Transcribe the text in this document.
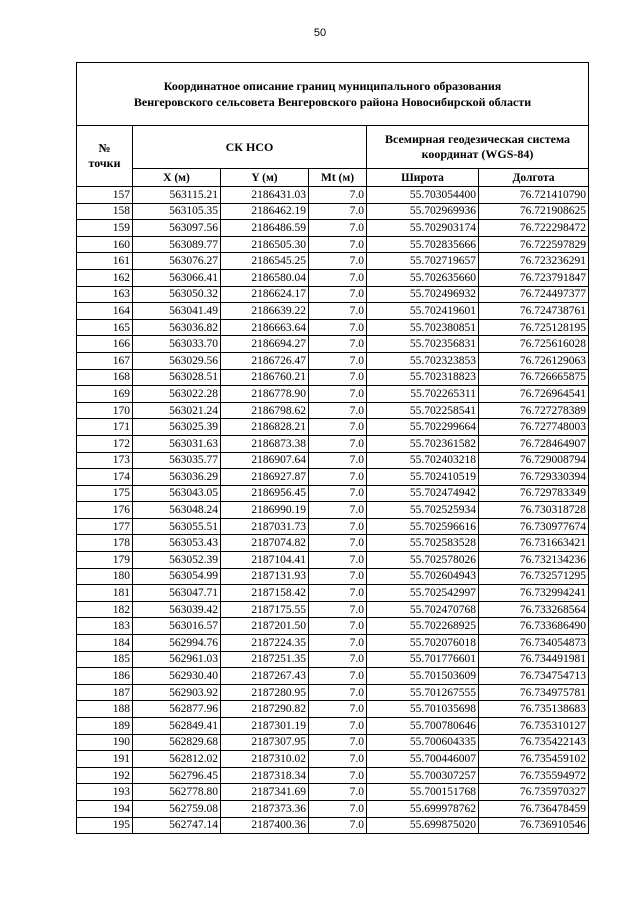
50
Координатное описание границ муниципального образования
Венгеровского сельсовета Венгеровского района Новосибирской области					

№ точки	СК НСО			Всемирная геодезическая система координат (WGS-84)	
	X (м)	Y (м)	Mt (м)	Широта	Долгота
157	563115.21	2186431.03	7.0	55.703054400	76.721410790
158	563105.35	2186462.19	7.0	55.702969936	76.721908625
159	563097.56	2186486.59	7.0	55.702903174	76.722298472
160	563089.77	2186505.30	7.0	55.702835666	76.722597829
161	563076.27	2186545.25	7.0	55.702719657	76.723236291
162	563066.41	2186580.04	7.0	55.702635660	76.723791847
163	563050.32	2186624.17	7.0	55.702496932	76.724497377
164	563041.49	2186639.22	7.0	55.702419601	76.724738761
165	563036.82	2186663.64	7.0	55.702380851	76.725128195
166	563033.70	2186694.27	7.0	55.702356831	76.725616028
167	563029.56	2186726.47	7.0	55.702323853	76.726129063
168	563028.51	2186760.21	7.0	55.702318823	76.726665875
169	563022.28	2186778.90	7.0	55.702265311	76.726964541
170	563021.24	2186798.62	7.0	55.702258541	76.727278389
171	563025.39	2186828.21	7.0	55.702299664	76.727748003
172	563031.63	2186873.38	7.0	55.702361582	76.728464907
173	563035.77	2186907.64	7.0	55.702403218	76.729008794
174	563036.29	2186927.87	7.0	55.702410519	76.729330394
175	563043.05	2186956.45	7.0	55.702474942	76.729783349
176	563048.24	2186990.19	7.0	55.702525934	76.730318728
177	563055.51	2187031.73	7.0	55.702596616	76.730977674
178	563053.43	2187074.82	7.0	55.702583528	76.731663421
179	563052.39	2187104.41	7.0	55.702578026	76.732134236
180	563054.99	2187131.93	7.0	55.702604943	76.732571295
181	563047.71	2187158.42	7.0	55.702542997	76.732994241
182	563039.42	2187175.55	7.0	55.702470768	76.733268564
183	563016.57	2187201.50	7.0	55.702268925	76.733686490
184	562994.76	2187224.35	7.0	55.702076018	76.734054873
185	562961.03	2187251.35	7.0	55.701776601	76.734491981
186	562930.40	2187267.43	7.0	55.701503609	76.734754713
187	562903.92	2187280.95	7.0	55.701267555	76.734975781
188	562877.96	2187290.82	7.0	55.701035698	76.735138683
189	562849.41	2187301.19	7.0	55.700780646	76.735310127
190	562829.68	2187307.95	7.0	55.700604335	76.735422143
191	562812.02	2187310.02	7.0	55.700446007	76.735459102
192	562796.45	2187318.34	7.0	55.700307257	76.735594972
193	562778.80	2187341.69	7.0	55.700151768	76.735970327
194	562759.08	2187373.36	7.0	55.699978762	76.736478459
195	562747.14	2187400.36	7.0	55.699875020	76.736910546
